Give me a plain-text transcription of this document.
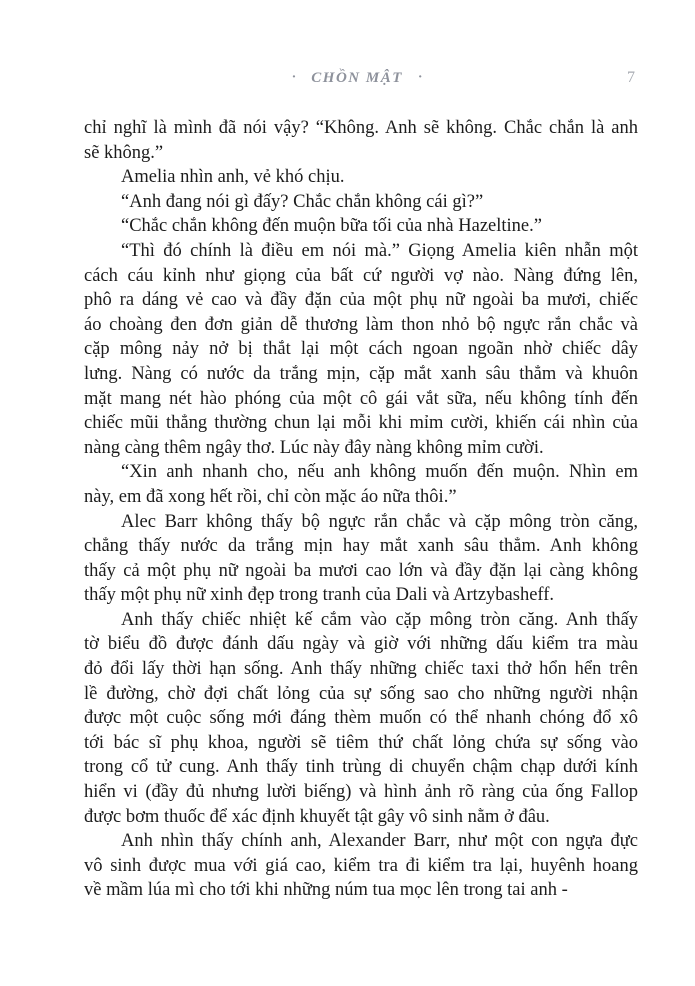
· CHỒN MẬT ·	7

chỉ nghĩ là mình đã nói vậy? “Không. Anh sẽ không. Chắc chắn là anh
sẽ không.”

Amelia nhìn anh, vẻ khó chịu.

“Anh đang nói gì đấy? Chắc chắn không cái gì?”

“Chắc chắn không đến muộn bữa tối của nhà Hazeltine.”

“Thì đó chính là điều em nói mà.” Giọng Amelia kiên nhẫn một
cách cáu kỉnh như giọng của bất cứ người vợ nào. Nàng đứng lên,
phô ra dáng vẻ cao và đầy đặn của một phụ nữ ngoài ba mươi, chiếc
áo choàng đen đơn giản dễ thương làm thon nhỏ bộ ngực rắn chắc và
cặp mông nảy nở bị thắt lại một cách ngoan ngoãn nhờ chiếc dây
lưng. Nàng có nước da trắng mịn, cặp mắt xanh sâu thẳm và khuôn
mặt mang nét hào phóng của một cô gái vắt sữa, nếu không tính đến
chiếc mũi thẳng thường chun lại mỗi khi mỉm cười, khiến cái nhìn của
nàng càng thêm ngây thơ. Lúc này đây nàng không mỉm cười.

“Xin anh nhanh cho, nếu anh không muốn đến muộn. Nhìn em
này, em đã xong hết rồi, chỉ còn mặc áo nữa thôi.”

Alec Barr không thấy bộ ngực rắn chắc và cặp mông tròn căng,
chẳng thấy nước da trắng mịn hay mắt xanh sâu thẳm. Anh không
thấy cả một phụ nữ ngoài ba mươi cao lớn và đầy đặn lại càng không
thấy một phụ nữ xinh đẹp trong tranh của Dali và Artzybasheff.

Anh thấy chiếc nhiệt kế cắm vào cặp mông tròn căng. Anh thấy
tờ biểu đồ được đánh dấu ngày và giờ với những dấu kiểm tra màu
đỏ đổi lấy thời hạn sống. Anh thấy những chiếc taxi thở hổn hển trên
lề đường, chờ đợi chất lỏng của sự sống sao cho những người nhận
được một cuộc sống mới đáng thèm muốn có thể nhanh chóng đổ xô
tới bác sĩ phụ khoa, người sẽ tiêm thứ chất lỏng chứa sự sống vào
trong cổ tử cung. Anh thấy tinh trùng di chuyển chậm chạp dưới kính
hiển vi (đầy đủ nhưng lười biếng) và hình ảnh rõ ràng của ống Fallop
được bơm thuốc để xác định khuyết tật gây vô sinh nằm ở đâu.

Anh nhìn thấy chính anh, Alexander Barr, như một con ngựa đực
vô sinh được mua với giá cao, kiểm tra đi kiểm tra lại, huyênh hoang
về mầm lúa mì cho tới khi những núm tua mọc lên trong tai anh -
